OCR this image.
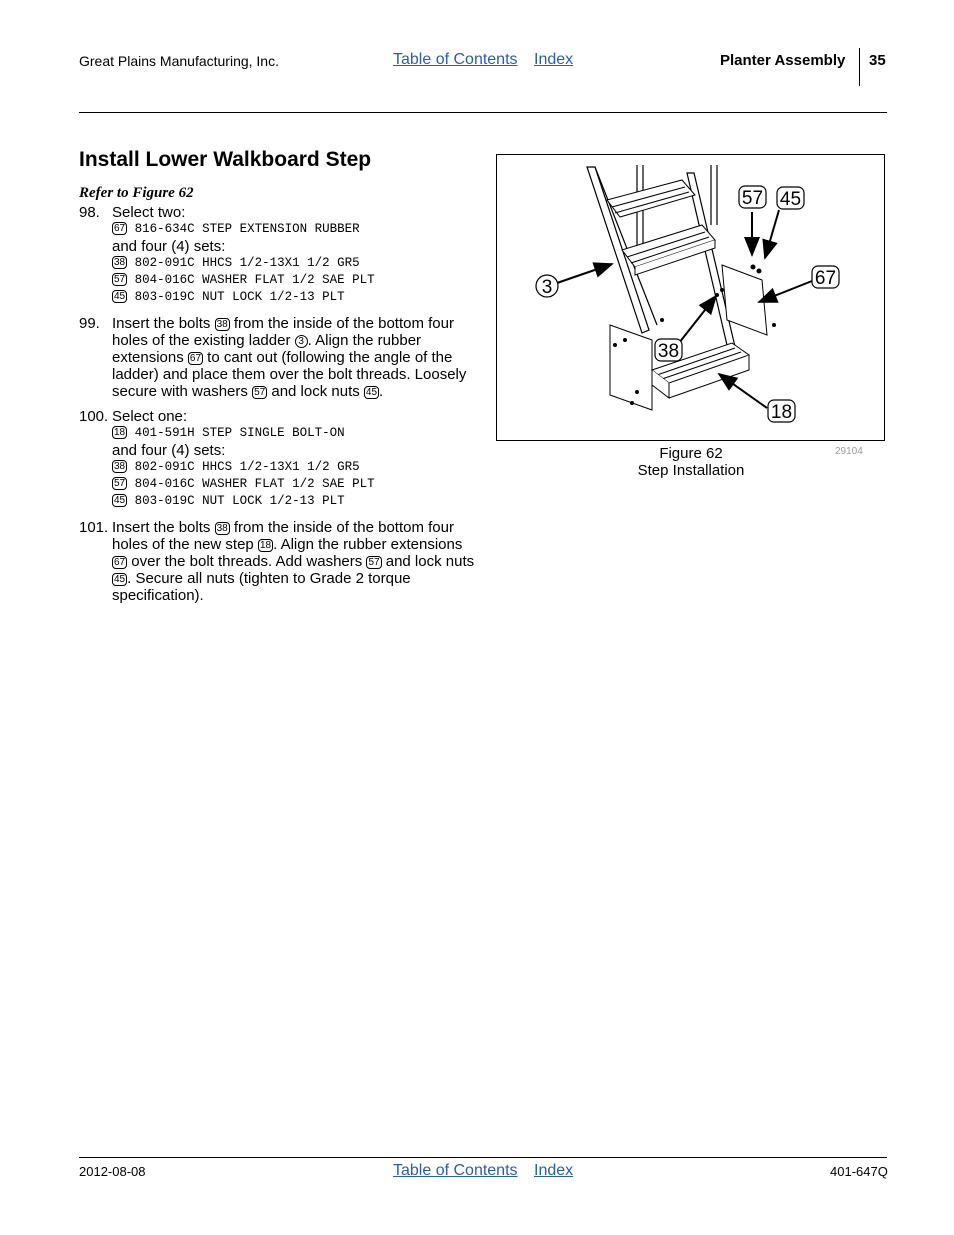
Great Plains Manufacturing, Inc.	Table of Contents Index	Planter Assembly 35
Install Lower Walkboard Step
Refer to Figure 62
98. Select two:
67 816-634C STEP EXTENSION RUBBER
and four (4) sets:
38 802-091C HHCS 1/2-13X1 1/2 GR5
57 804-016C WASHER FLAT 1/2 SAE PLT
45 803-019C NUT LOCK 1/2-13 PLT
99. Insert the bolts 38 from the inside of the bottom four holes of the existing ladder 3 . Align the rubber extensions 67 to cant out (following the angle of the ladder) and place them over the bolt threads. Loosely secure with washers 57 and lock nuts 45 .
100. Select one:
18 401-591H STEP SINGLE BOLT-ON
and four (4) sets:
38 802-091C HHCS 1/2-13X1 1/2 GR5
57 804-016C WASHER FLAT 1/2 SAE PLT
45 803-019C NUT LOCK 1/2-13 PLT
101. Insert the bolts 38 from the inside of the bottom four holes of the new step 18 . Align the rubber extensions 67 over the bolt threads. Add washers 57 and lock nuts 45 . Secure all nuts (tighten to Grade 2 torque specification).
57 45
3	67
38
18
29104
Figure 62
Step Installation
2012-08-08	Table of Contents Index	401-647Q
